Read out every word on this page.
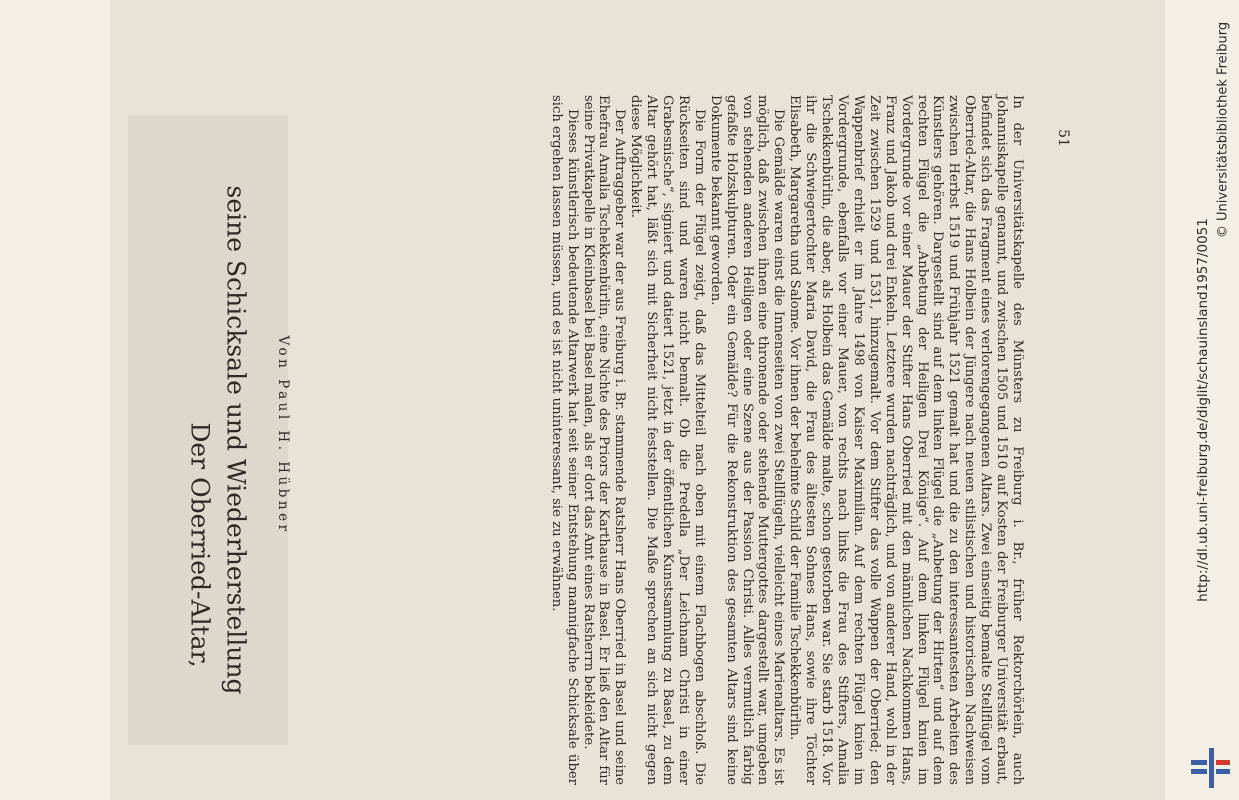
In der Universitätskapelle des Münsters zu Freiburg i. Br., früher Rektorchörlein, auch Johanniskapelle genannt, und zwischen 1505 und 1510 auf Kosten der Freiburger Universität erbaut, befindet sich das Fragment eines verlorengegangenen Altars. Zwei einseitig bemalte Stellflügel vom Oberried-Altar, die Hans Holbein der Jüngere nach neuen stilistischen und historischen Nachweisen zwischen Herbst 1519 und Frühjahr 1521 gemalt hat und die zu den interessantesten Arbeiten des Künstlers gehören. Dargestellt sind auf dem linken Flügel die „Anbetung der Hirten“ und auf dem rechten Flügel die „Anbetung der Heiligen Drei Könige“. Auf dem linken Flügel knien im Vordergrunde vor einer Mauer der Stifter Hans Oberried mit den männlichen Nachkommen Hans, Franz und Jakob und drei Enkeln. Letztere wurden nachträglich, und von anderer Hand, wohl in der Zeit zwischen 1529 und 1531, hinzugemalt. Vor dem Stifter das volle Wappen der Oberried; den Wappenbrief erhielt er im Jahre 1498 von Kaiser Maximilian. Auf dem rechten Flügel knien im Vordergrunde, ebenfalls vor einer Mauer, von rechts nach links die Frau des Stifters, Amalia Tschekkenbürlin, die aber, als Holbein das Gemälde malte, schon gestorben war. Sie starb 1518. Vor ihr die Schwiegertochter Maria David, die Frau des ältesten Sohnes Hans, sowie ihre Töchter Elisabeth, Margaretha und Salome. Vor ihnen der behelmte Schild der Familie Tschekkenbürlin.

Die Gemälde waren einst die Innenseiten von zwei Stellflügeln, vielleicht eines Marienaltars. Es ist möglich, daß zwischen ihnen eine thronende oder stehende Muttergottes dargestellt war, umgeben von stehenden anderen Heiligen oder eine Szene aus der Passion Christi. Alles vermutlich farbig gefaßte Holzskulpturen. Oder ein Gemälde? Für die Rekonstruktion des gesamten Altars sind keine Dokumente bekannt geworden.

Die Form der Flügel zeigt, daß das Mittelteil nach oben mit einem Flachbogen abschloß. Die Rückseiten sind und waren nicht bemalt. Ob die Predella „Der Leichnam Christi in einer Grabesnische“, signiert und datiert 1521, jetzt in der öffentlichen Kunstsammlung zu Basel, zu dem Altar gehört hat, läßt sich mit Sicherheit nicht feststellen. Die Maße sprechen an sich nicht gegen diese Möglichkeit.

Der Auftraggeber war der aus Freiburg i. Br. stammende Ratsherr Hans Oberried in Basel und seine Ehefrau Amalia Tschekkenbürlin, eine Nichte des Priors der Karthause in Basel. Er ließ den Altar für seine Privatkapelle in Kleinbasel bei Basel malen, als er dort das Amt eines Ratsherrn bekleidete.

Dieses künstlerisch bedeutende Altarwerk hat seit seiner Entstehung mannigfache Schicksale über sich ergehen lassen müssen, und es ist nicht uninteressant, sie zu erwähnen.

Der Oberried-Altar, seine Schicksale und Wiederherstellung Von Paul H. Hübner
51
http://dl.ub.uni-freiburg.de/diglit/schauinsland1957/0051
© Universitätsbibliothek Freiburg
